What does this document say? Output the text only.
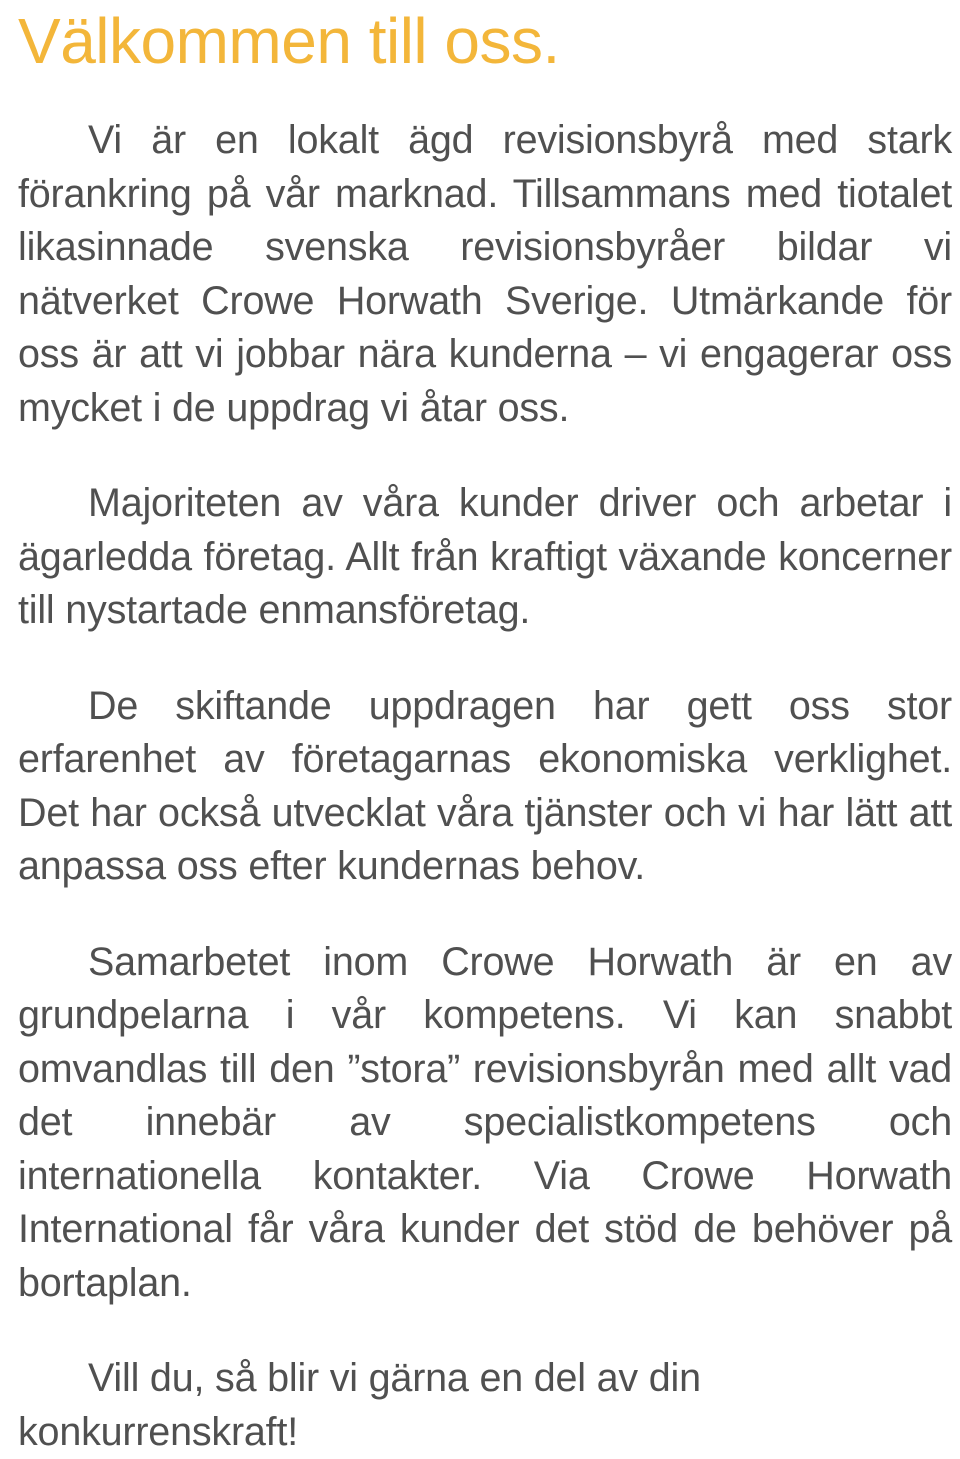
Välkommen till oss.

Vi är en lokalt ägd revisionsbyrå med stark förankring på vår marknad. Tillsammans med tiotalet likasinnade svenska revisionsbyråer bildar vi nätverket Crowe Horwath Sverige. Utmärkande för oss är att vi jobbar nära kunderna – vi engagerar oss mycket i de uppdrag vi åtar oss.

Majoriteten av våra kunder driver och arbetar i ägarledda företag. Allt från kraftigt växande koncerner till nystartade enmansföretag.

De skiftande uppdragen har gett oss stor erfarenhet av företagarnas ekonomiska verklighet. Det har också utvecklat våra tjänster och vi har lätt att anpassa oss efter kundernas behov.

Samarbetet inom Crowe Horwath är en av grundpelarna i vår kompetens. Vi kan snabbt omvandlas till den ”stora” revisionsbyrån med allt vad det innebär av specialistkompetens och internationella kontakter. Via Crowe Horwath International får våra kunder det stöd de behöver på bortaplan.

Vill du, så blir vi gärna en del av din konkurrenskraft!
